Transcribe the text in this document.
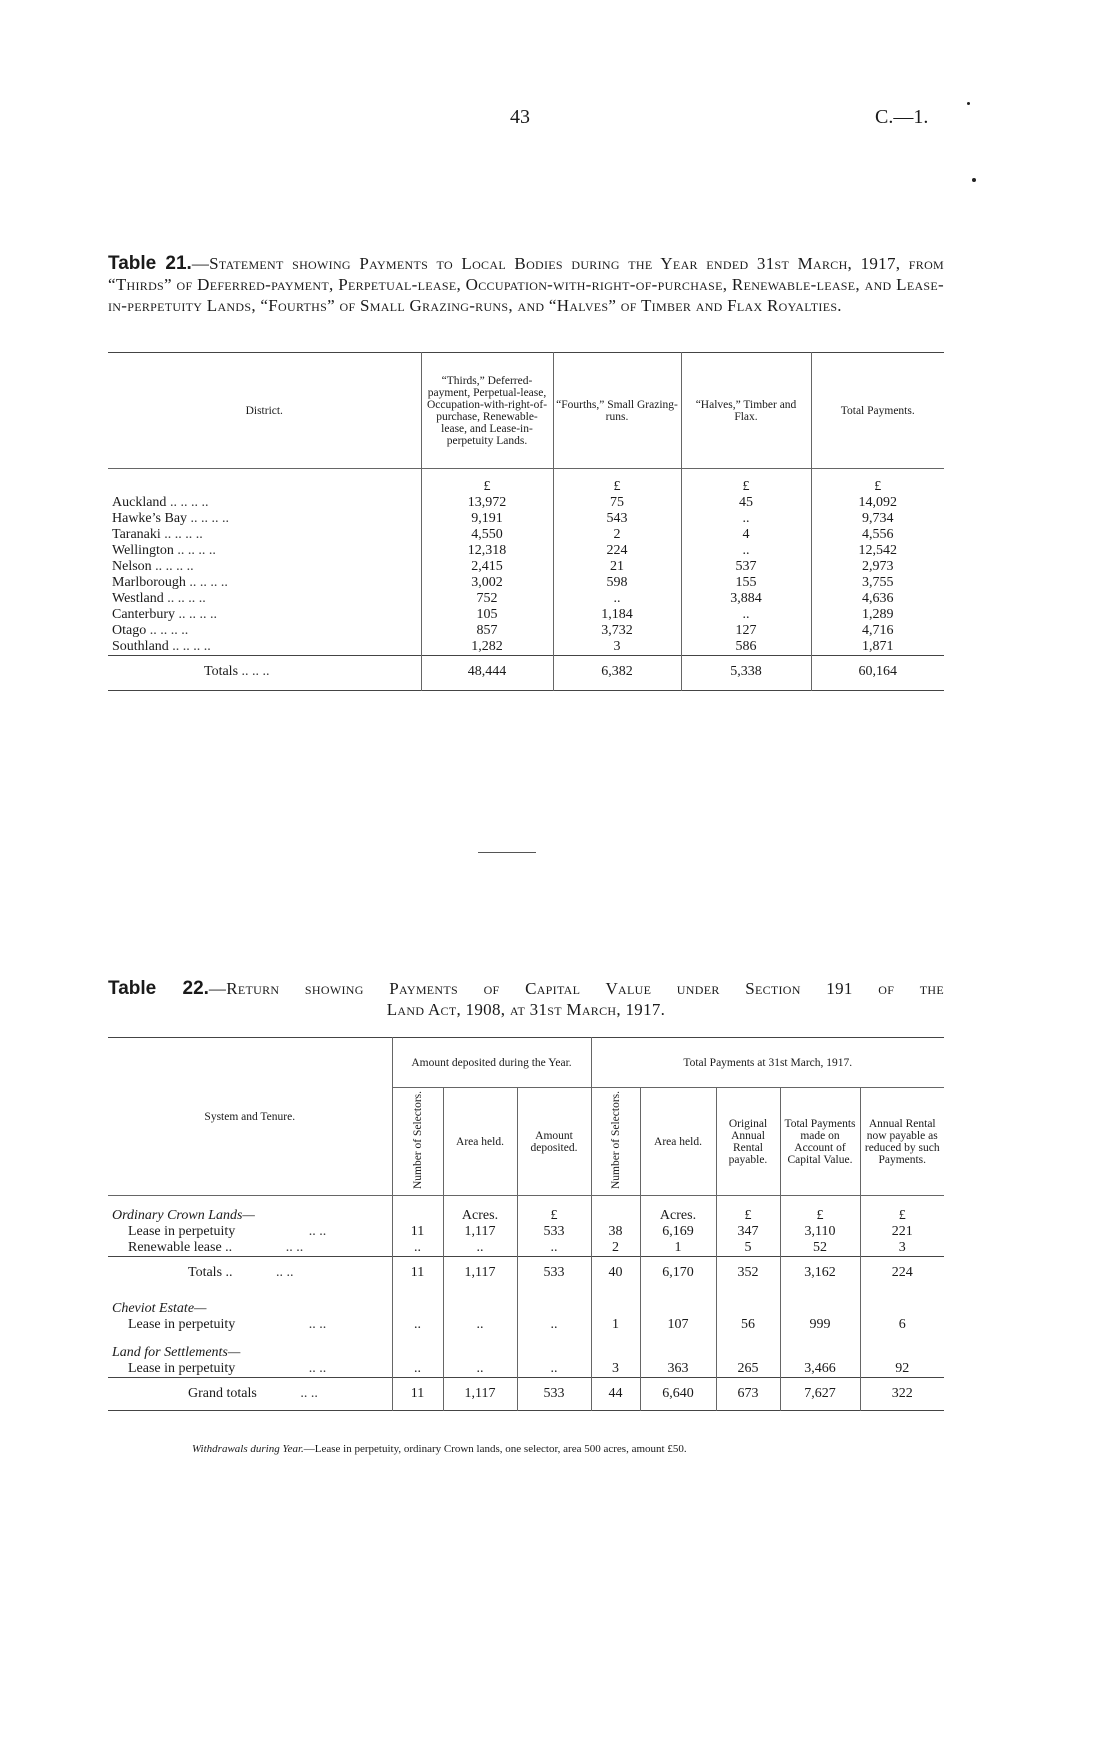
43	C.—1.
Table 21.—Statement showing Payments to Local Bodies during the Year ended 31st March, 1917, from “Thirds” of Deferred-payment, Perpetual-lease, Occupation-with-right-of-purchase, Renewable-lease, and Lease-in-perpetuity Lands, “Fourths” of Small Grazing-runs, and “Halves” of Timber and Flax Royalties.
District.	“Thirds,” Deferred-payment, Perpetual-lease, Occupation-with-right-of-purchase, Renewable-lease, and Lease-in-perpetuity Lands.	“Fourths,” Small Grazing-runs.	“Halves,” Timber and Flax.	Total Payments.
	£	£	£	£
Auckland .. .. .. ..	13,972	75	45	14,092
Hawke’s Bay .. .. .. ..	9,191	543	..	9,734
Taranaki .. .. .. ..	4,550	2	4	4,556
Wellington .. .. .. ..	12,318	224	..	12,542
Nelson .. .. .. ..	2,415	21	537	2,973
Marlborough .. .. .. ..	3,002	598	155	3,755
Westland .. .. .. ..	752	..	3,884	4,636
Canterbury .. .. .. ..	105	1,184	..	1,289
Otago .. .. .. ..	857	3,732	127	4,716
Southland .. .. .. ..	1,282	3	586	1,871
Totals .. .. ..	48,444	6,382	5,338	60,164
Table 22.—Return showing Payments of Capital Value under Section 191 of the
Land Act, 1908, at 31st March, 1917.
System and Tenure.	Amount deposited during the Year.			Total Payments at 31st March, 1917.				
	Number of Selectors.	Area held.	Amount deposited.	Number of Selectors.	Area held.	Original Annual Rental payable.	Total Payments made on Account of Capital Value.	Annual Rental now payable as reduced by such Payments.
Ordinary Crown Lands—		Acres.	£		Acres.	£	£	£
Lease in perpetuity .. ..	11	1,117	533	38	6,169	347	3,110	221
Renewable lease .. .. ..	..	..	..	2	1	5	52	3
Totals .. .. ..	11	1,117	533	40	6,170	352	3,162	224
Cheviot Estate—								
Lease in perpetuity .. ..	..	..	..	1	107	56	999	6
Land for Settlements—								
Lease in perpetuity .. ..	..	..	..	3	363	265	3,466	92
Grand totals .. ..	11	1,117	533	44	6,640	673	7,627	322
Withdrawals during Year.—Lease in perpetuity, ordinary Crown lands, one selector, area 500 acres, amount £50.
